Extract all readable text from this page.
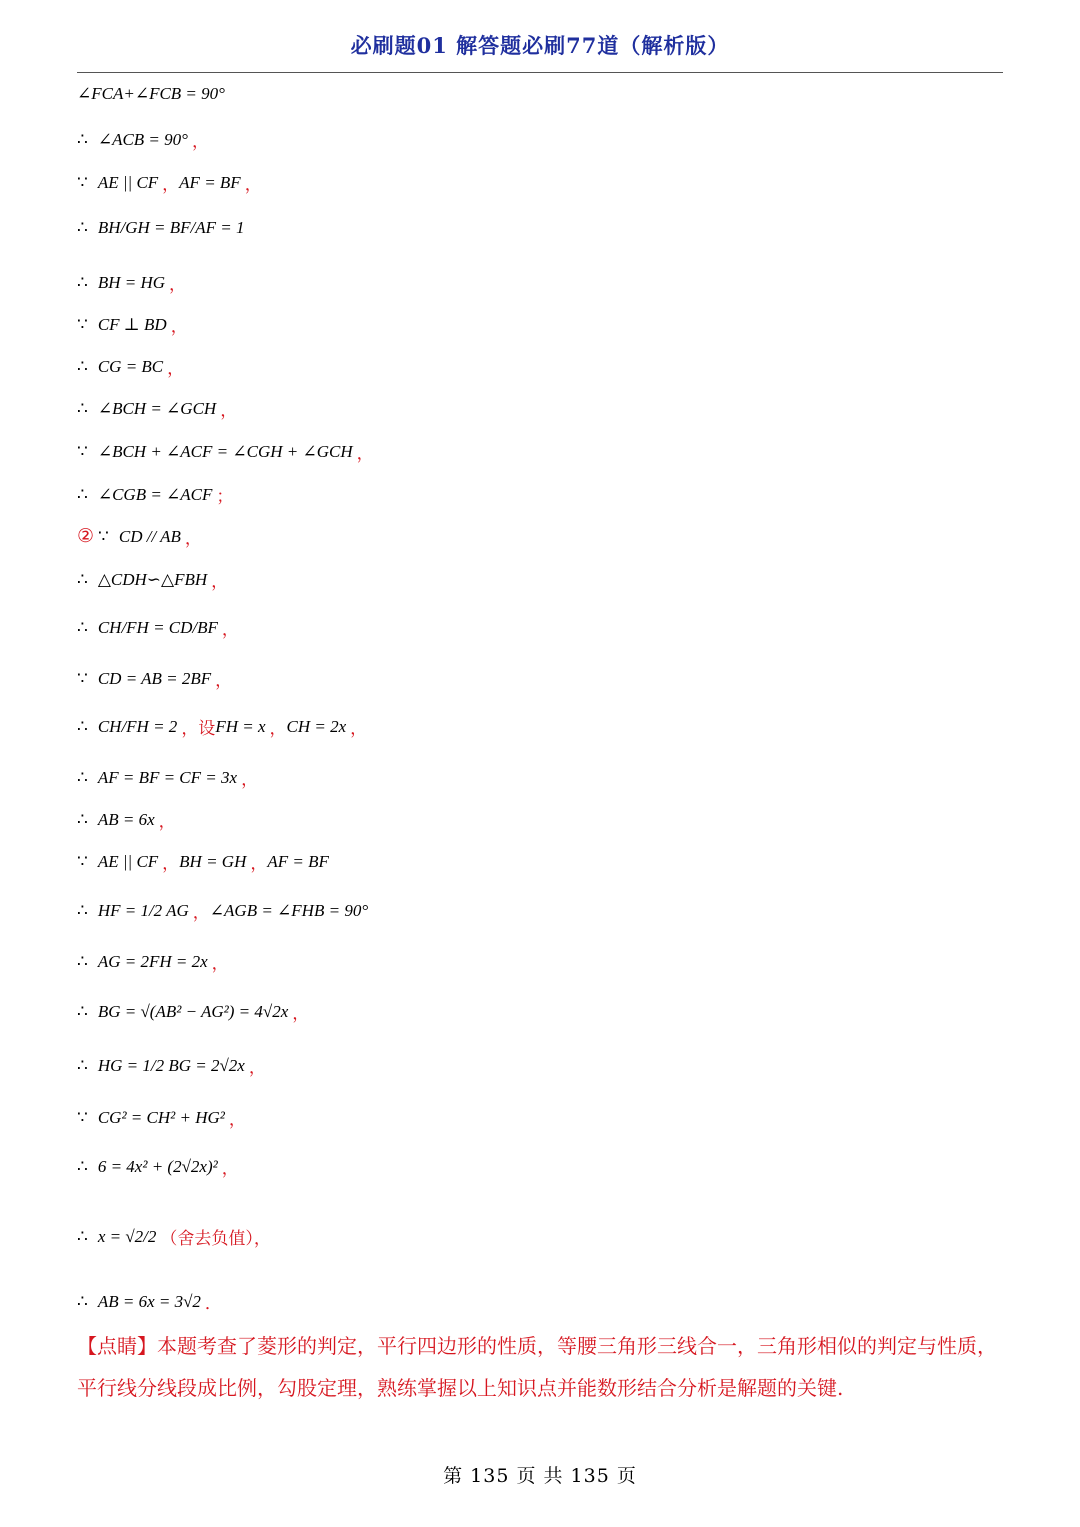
必刷题01 解答题必刷77道（解析版）
∠FCA+∠FCB = 90°
∴ ∠ACB = 90° ，
∵ AE || CF ， AF = BF ，
∴ BH/GH = BF/AF = 1
∴ BH = HG ，
∵ CF ⊥ BD ，
∴ CG = BC ，
∴ ∠BCH = ∠GCH ，
∵ ∠BCH + ∠ACF = ∠CGH + ∠GCH ，
∴ ∠CGB = ∠ACF ；
② ∵ CD // AB ，
∴ △CDH∽△FBH ，
∴ CH/FH = CD/BF ，
∵ CD = AB = 2BF ，
∴ CH/FH = 2 ，设 FH = x ， CH = 2x ，
∴ AF = BF = CF = 3x ，
∴ AB = 6x ，
∵ AE || CF ， BH = GH ， AF = BF
∴ HF = 1/2 AG ， ∠AGB = ∠FHB = 90°
∴ AG = 2FH = 2x ，
∴ BG = √(AB² − AG²) = 4√2x ，
∴ HG = 1/2 BG = 2√2x ，
∵ CG² = CH² + HG² ，
∴ 6 = 4x² + (2√2x)² ，
∴ x = √2/2 （舍去负值），
∴ AB = 6x = 3√2 ．
【点睛】本题考查了菱形的判定，平行四边形的性质，等腰三角形三线合一，三角形相似的判定与性质，平行线分线段成比例，勾股定理，熟练掌握以上知识点并能数形结合分析是解题的关键.
第 135 页 共 135 页
